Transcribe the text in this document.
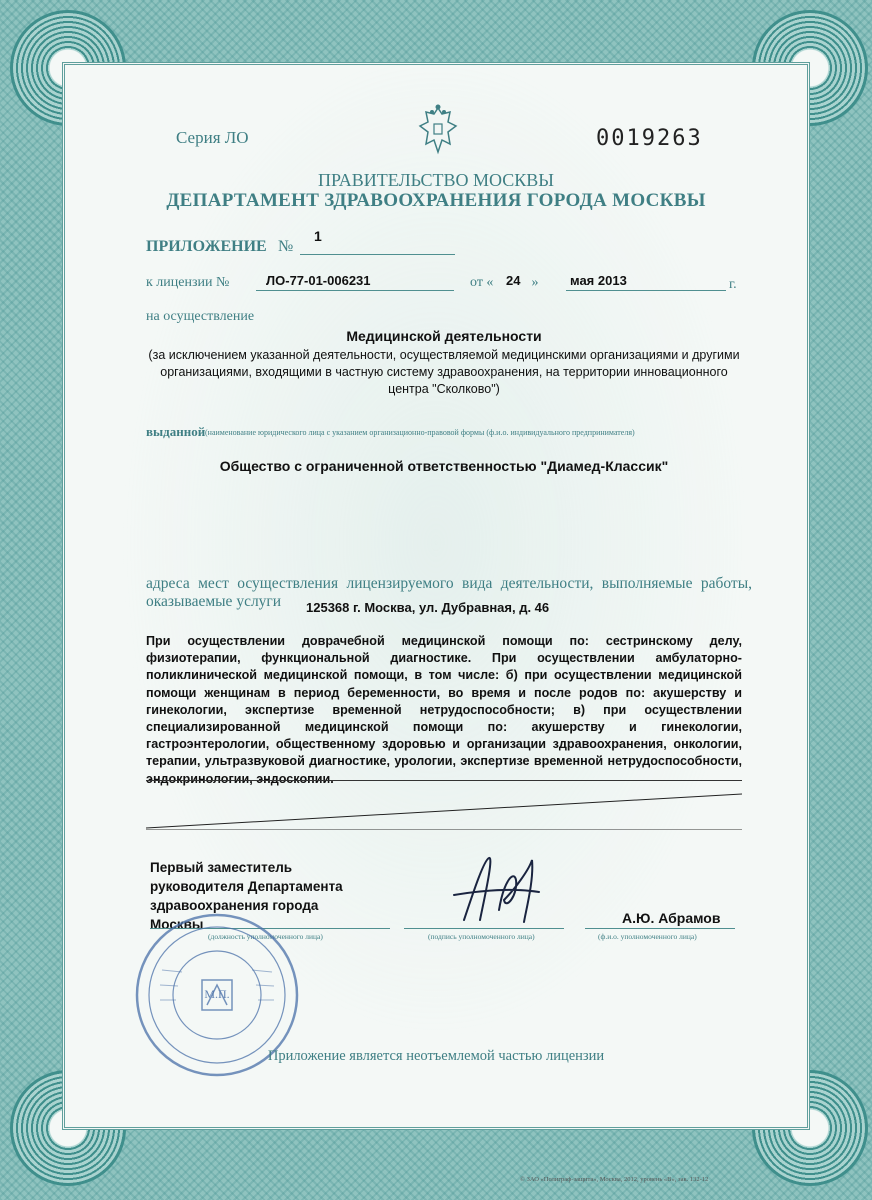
Серия ЛО	0019263
ПРАВИТЕЛЬСТВО МОСКВЫ
ДЕПАРТАМЕНТ ЗДРАВООХРАНЕНИЯ ГОРОДА МОСКВЫ
ПРИЛОЖЕНИЕ №
1
к лицензии №	ЛО-77-01-006231	от «	»
24	мая 2013	г.
на осуществление
Медицинской деятельности
(за исключением указанной деятельности, осуществляемой медицинскими организациями и другими организациями, входящими в частную систему здравоохранения, на территории инновационного центра "Сколково")
выданной (наименование юридического лица с указанием организационно-правовой формы (ф.и.о. индивидуального предпринимателя)
Общество с ограниченной ответственностью "Диамед-Классик"
адреса мест осуществления лицензируемого вида деятельности, выполняемые работы, оказываемые услуги	125368 г. Москва, ул. Дубравная, д. 46
При осуществлении доврачебной медицинской помощи по: сестринскому делу, физиотерапии, функциональной диагностике. При осуществлении амбулаторно-поликлинической медицинской помощи, в том числе: б) при осуществлении медицинской помощи женщинам в период беременности, во время и после родов по: акушерству и гинекологии, экспертизе временной нетрудоспособности; в) при осуществлении специализированной медицинской помощи по: акушерству и гинекологии, гастроэнтерологии, общественному здоровью и организации здравоохранения, онкологии, терапии, ультразвуковой диагностике, урологии, экспертизе временной нетрудоспособности, эндокринологии, эндоскопии.
Первый заместитель
руководителя Департамента
здравоохранения города
Москвы
(должность уполномоченного лица)	(подпись уполномоченного лица)	(ф.и.о. уполномоченного лица)
А.Ю. Абрамов
М.П.
Приложение является неотъемлемой частью лицензии
© ЗАО «Полиграф-защита», Москва, 2012, уровень «В», зак. 132-12
